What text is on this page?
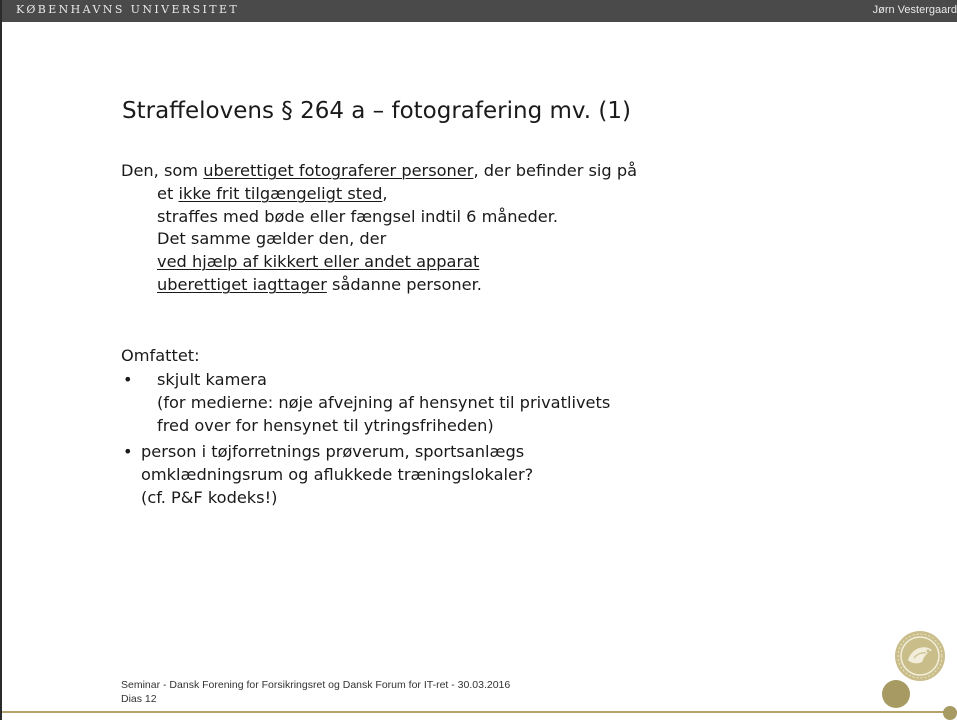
KØBENHAVNS UNIVERSITET	Jørn Vestergaard
Straffelovens § 264 a – fotografering mv. (1)
Den, som uberettiget fotograferer personer, der befinder sig på
et ikke frit tilgængeligt sted,
straffes med bøde eller fængsel indtil 6 måneder.
Det samme gælder den, der
ved hjælp af kikkert eller andet apparat
uberettiget iagttager sådanne personer.
Omfattet:
• skjult kamera
(for medierne: nøje afvejning af hensynet til privatlivets
fred over for hensynet til ytringsfriheden)
• person i tøjforretnings prøverum, sportsanlægs
omklædningsrum og aflukkede træningslokaler?
(cf. P&F kodeks!)
Seminar - Dansk Forening for Forsikringsret og Dansk Forum for IT-ret - 30.03.2016
Dias 12
